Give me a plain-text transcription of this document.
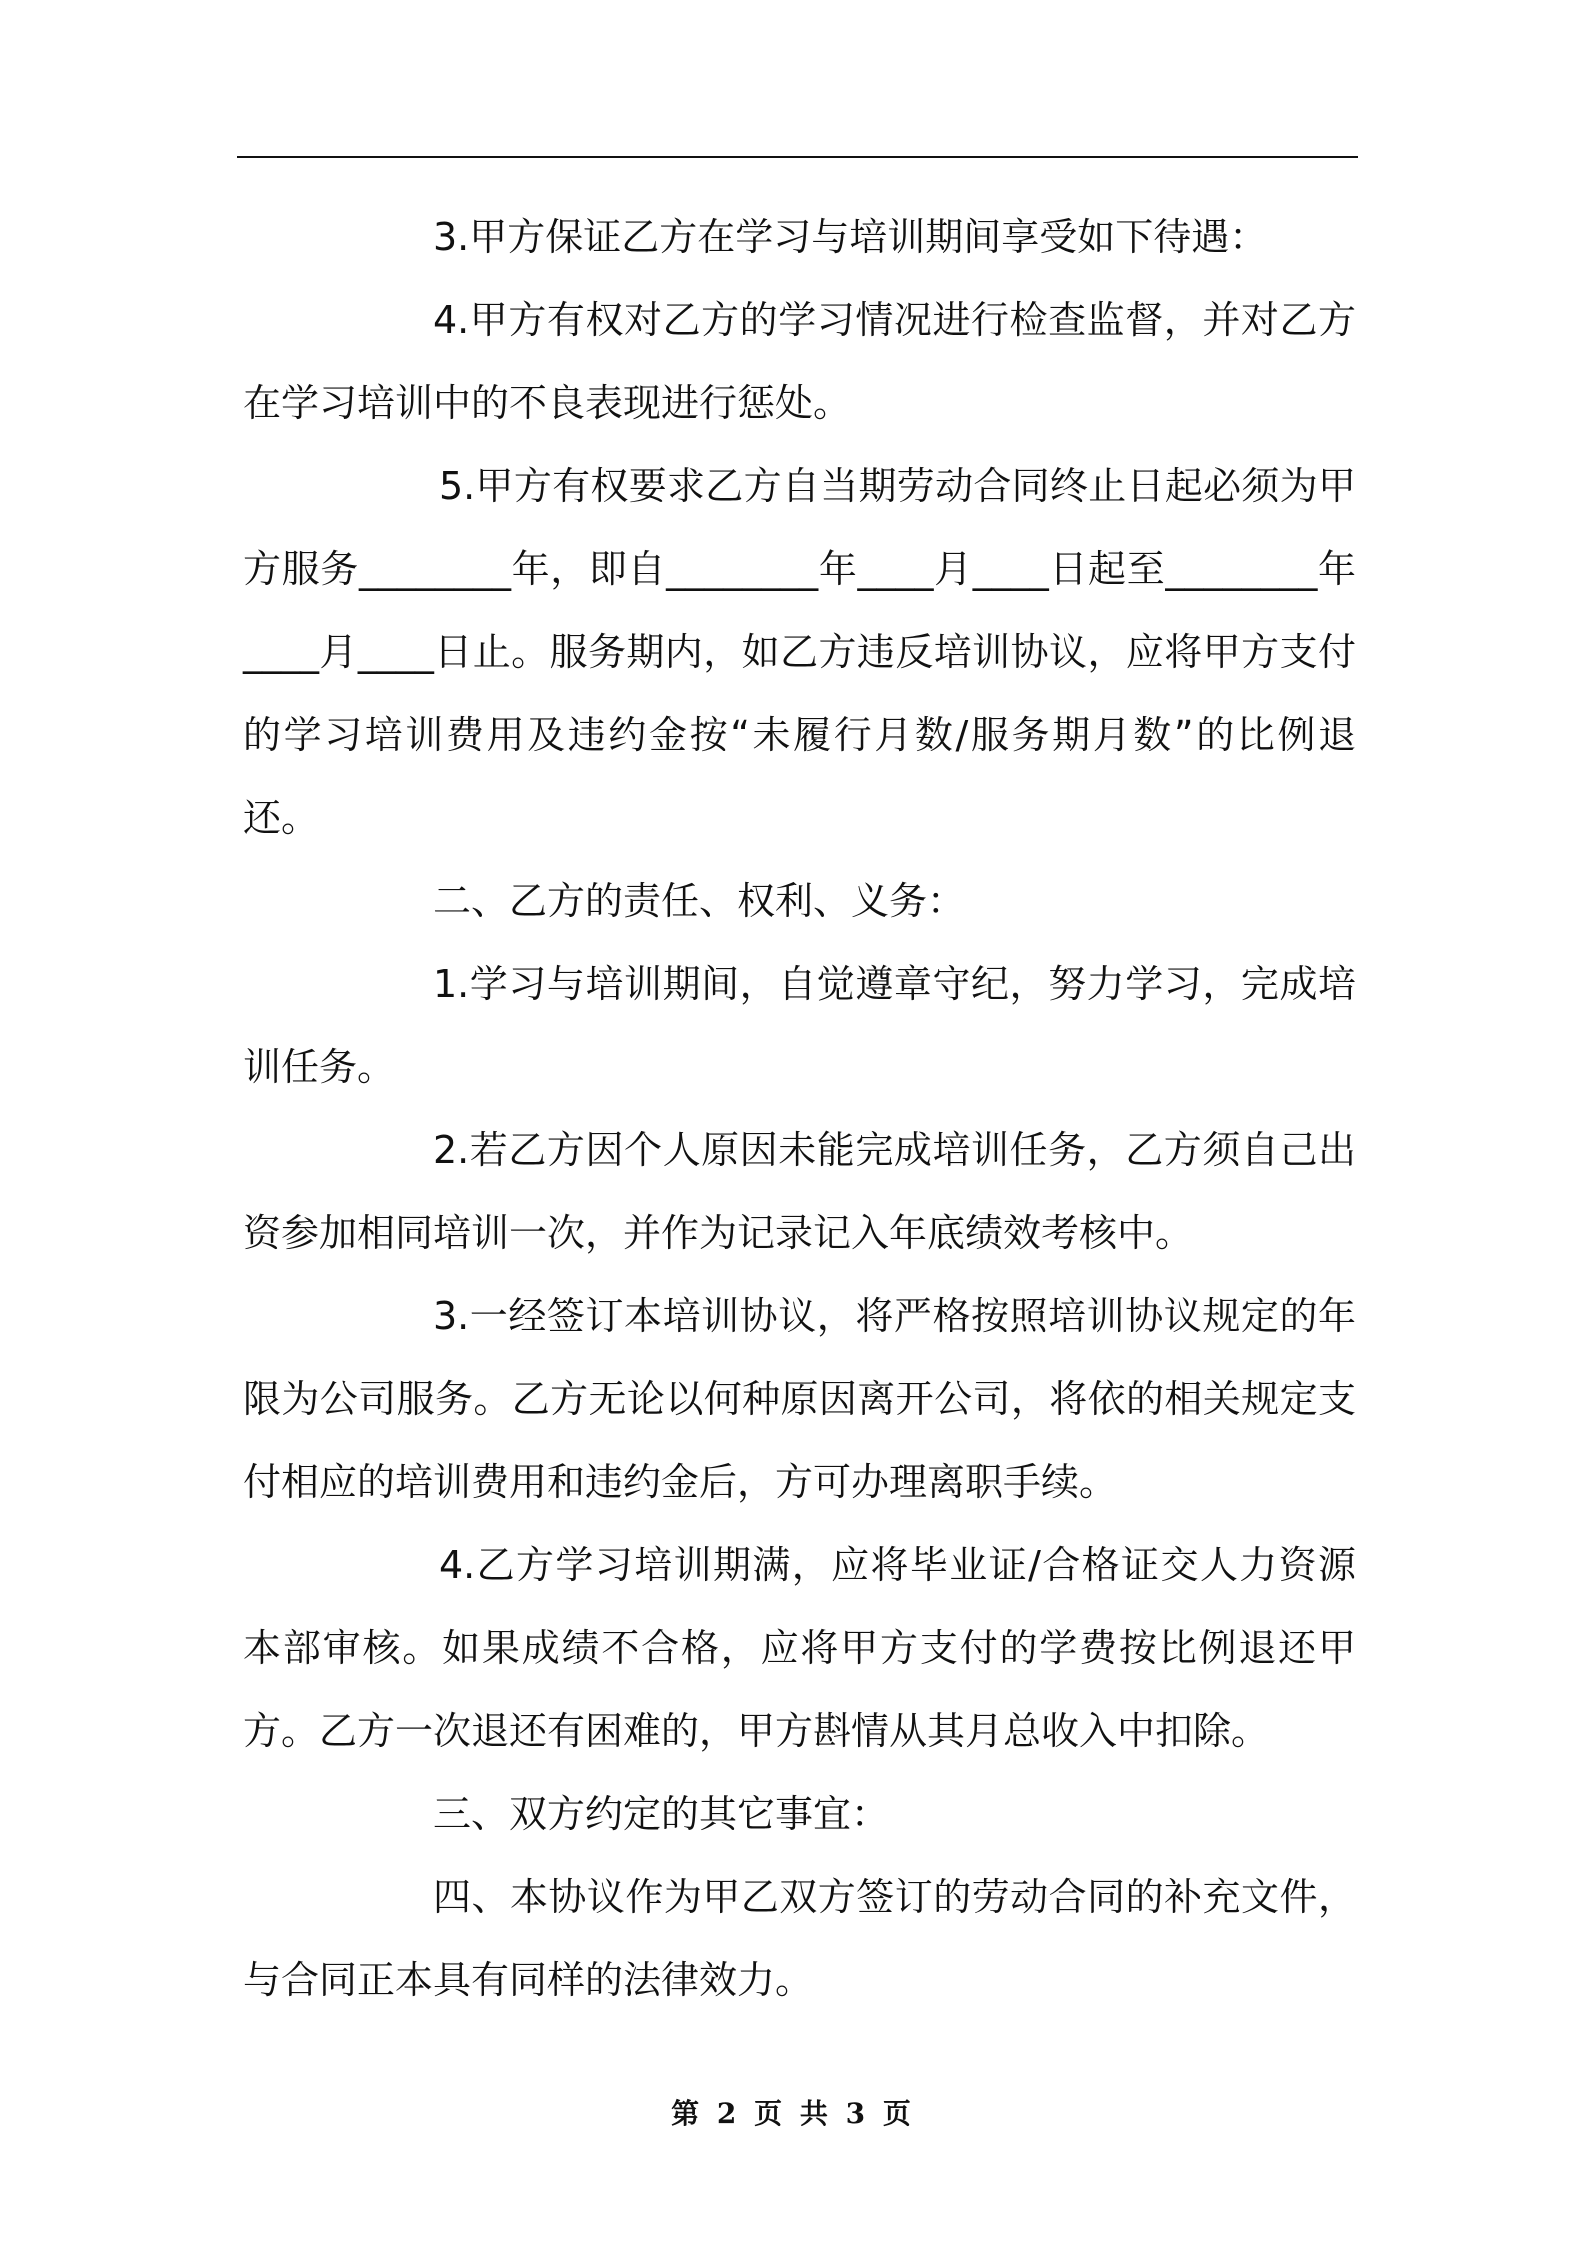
3.甲方保证乙方在学习与培训期间享受如下待遇：

4.甲方有权对乙方的学习情况进行检查监督，并对乙方在学习培训中的不良表现进行惩处。

5.甲方有权要求乙方自当期劳动合同终止日起必须为甲方服务________年，即自________年____月____日起至________年____月____日止。服务期内，如乙方违反培训协议，应将甲方支付的学习培训费用及违约金按“未履行月数/服务期月数”的比例退还。

二、乙方的责任、权利、义务：

1.学习与培训期间，自觉遵章守纪，努力学习，完成培训任务。

2.若乙方因个人原因未能完成培训任务，乙方须自己出资参加相同培训一次，并作为记录记入年底绩效考核中。

3.一经签订本培训协议，将严格按照培训协议规定的年限为公司服务。乙方无论以何种原因离开公司，将依的相关规定支付相应的培训费用和违约金后，方可办理离职手续。

4.乙方学习培训期满，应将毕业证/合格证交人力资源本部审核。如果成绩不合格，应将甲方支付的学费按比例退还甲方。乙方一次退还有困难的，甲方斟情从其月总收入中扣除。

三、双方约定的其它事宜：

四、本协议作为甲乙双方签订的劳动合同的补充文件，与合同正本具有同样的法律效力。

第 2 页 共 3 页
